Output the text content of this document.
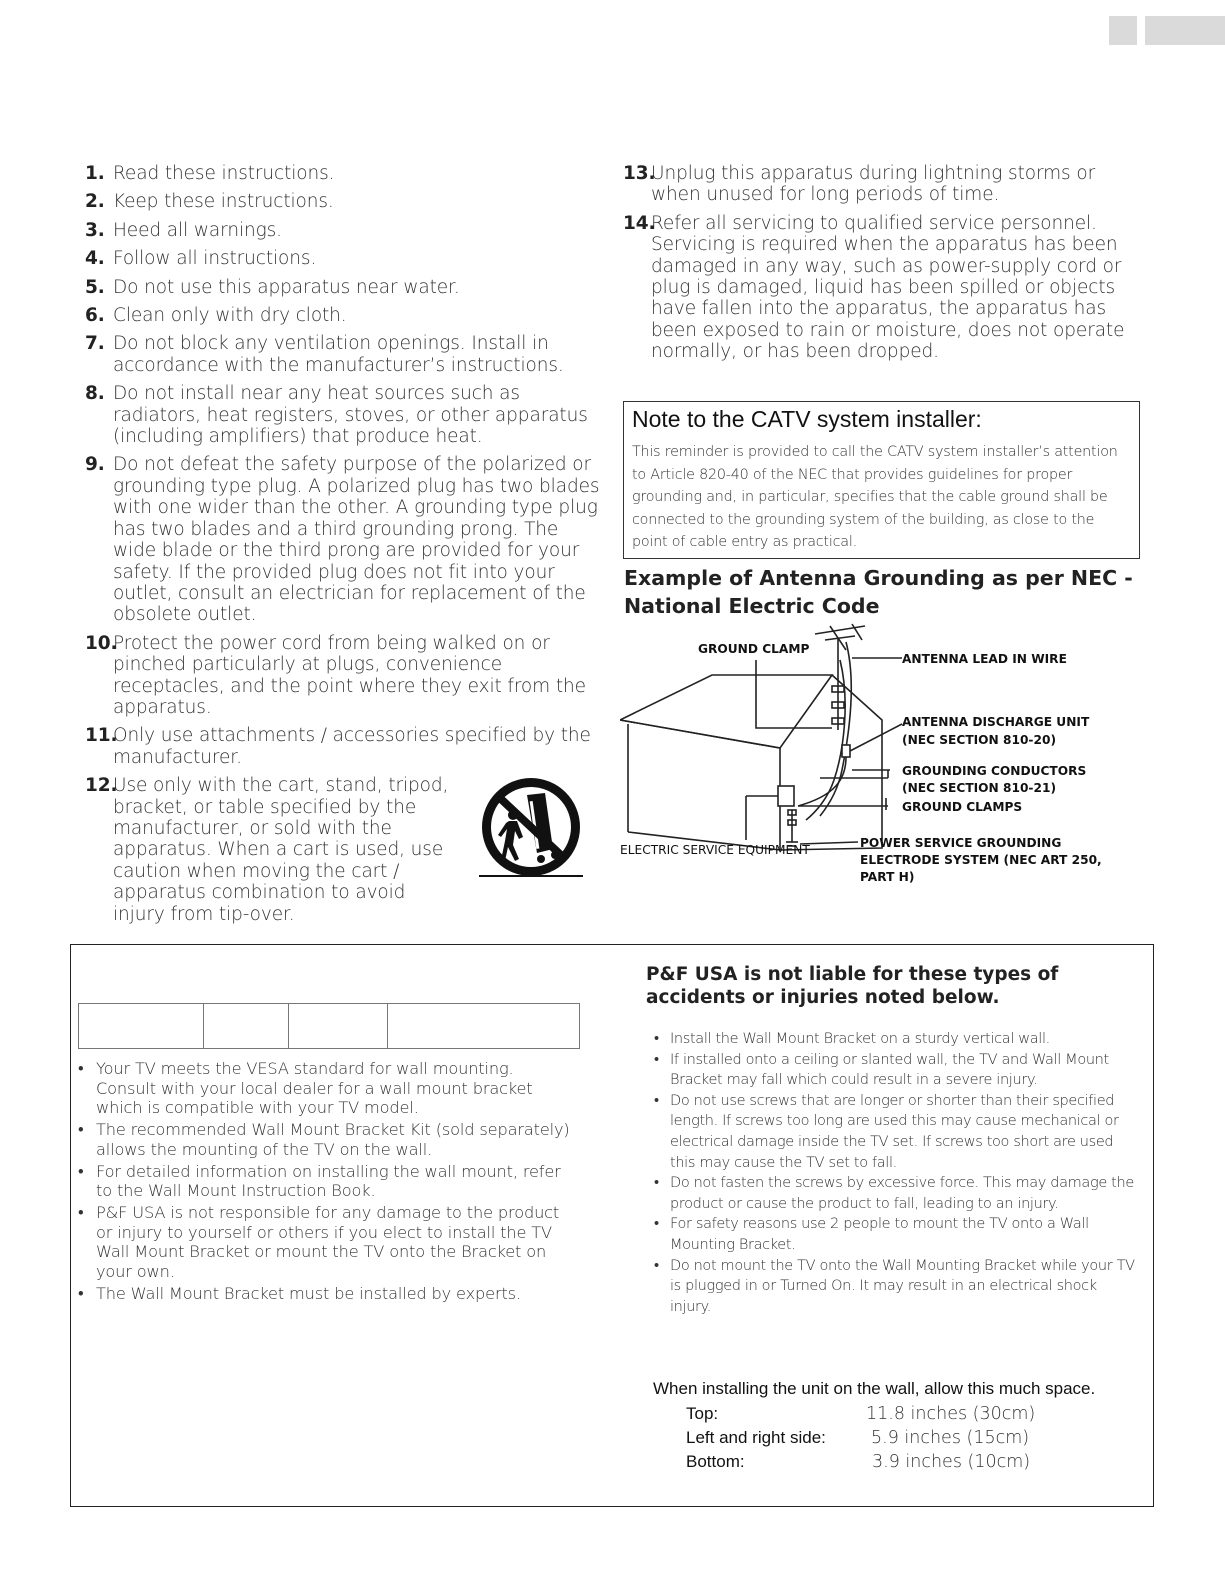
1. Read these instructions.
2. Keep these instructions.
3. Heed all warnings.
4. Follow all instructions.
5. Do not use this apparatus near water.
6. Clean only with dry cloth.
7. Do not block any ventilation openings. Install in accordance with the manufacturer’s instructions.
8. Do not install near any heat sources such as radiators, heat registers, stoves, or other apparatus (including amplifiers) that produce heat.
9. Do not defeat the safety purpose of the polarized or grounding type plug. A polarized plug has two blades with one wider than the other. A grounding type plug has two blades and a third grounding prong. The wide blade or the third prong are provided for your safety. If the provided plug does not fit into your outlet, consult an electrician for replacement of the obsolete outlet.
10.
Protect the power cord from being walked on or pinched particularly at plugs, convenience receptacles, and the point where they exit from the apparatus.
11.
Only use attachments / accessories specified by the manufacturer.
12.
Use only with the cart, stand, tripod, bracket, or table specified by the manufacturer, or sold with the apparatus. When a cart is used, use caution when moving the cart / apparatus combination to avoid injury from tip-over.
13.
Unplug this apparatus during lightning storms or when unused for long periods of time.
14.
Refer all servicing to qualified service personnel. Servicing is required when the apparatus has been damaged in any way, such as power-supply cord or plug is damaged, liquid has been spilled or objects have fallen into the apparatus, the apparatus has been exposed to rain or moisture, does not operate normally, or has been dropped.
Note to the CATV system installer:
This reminder is provided to call the CATV system installer’s attention to Article 820-40 of the NEC that provides guidelines for proper grounding and, in particular, specifies that the cable ground shall be connected to the grounding system of the building, as close to the point of cable entry as practical.
Example of Antenna Grounding as per NEC - National Electric Code
GROUND CLAMP
ANTENNA LEAD IN WIRE
ANTENNA DISCHARGE UNIT
(NEC SECTION 810-20)
GROUNDING CONDUCTORS
(NEC SECTION 810-21)
GROUND CLAMPS
ELECTRIC SERVICE EQUIPMENT	POWER SERVICE GROUNDING
ELECTRODE SYSTEM (NEC ART 250,
PART H)
• Your TV meets the VESA standard for wall mounting. Consult with your local dealer for a wall mount bracket which is compatible with your TV model.
• The recommended Wall Mount Bracket Kit (sold separately) allows the mounting of the TV on the wall.
• For detailed information on installing the wall mount, refer to the Wall Mount Instruction Book.
• P&F USA is not responsible for any damage to the product or injury to yourself or others if you elect to install the TV Wall Mount Bracket or mount the TV onto the Bracket on your own.
• The Wall Mount Bracket must be installed by experts.
P&F USA is not liable for these types of accidents or injuries noted below.
• Install the Wall Mount Bracket on a sturdy vertical wall.
• If installed onto a ceiling or slanted wall, the TV and Wall Mount Bracket may fall which could result in a severe injury.
• Do not use screws that are longer or shorter than their specified length. If screws too long are used this may cause mechanical or electrical damage inside the TV set. If screws too short are used this may cause the TV set to fall.
• Do not fasten the screws by excessive force. This may damage the product or cause the product to fall, leading to an injury.
• For safety reasons use 2 people to mount the TV onto a Wall Mounting Bracket.
• Do not mount the TV onto the Wall Mounting Bracket while your TV is plugged in or Turned On. It may result in an electrical shock injury.
When installing the unit on the wall, allow this much space.
Top:	11.8 inches (30cm)
Left and right side:	5.9 inches (15cm)
Bottom:	3.9 inches (10cm)
